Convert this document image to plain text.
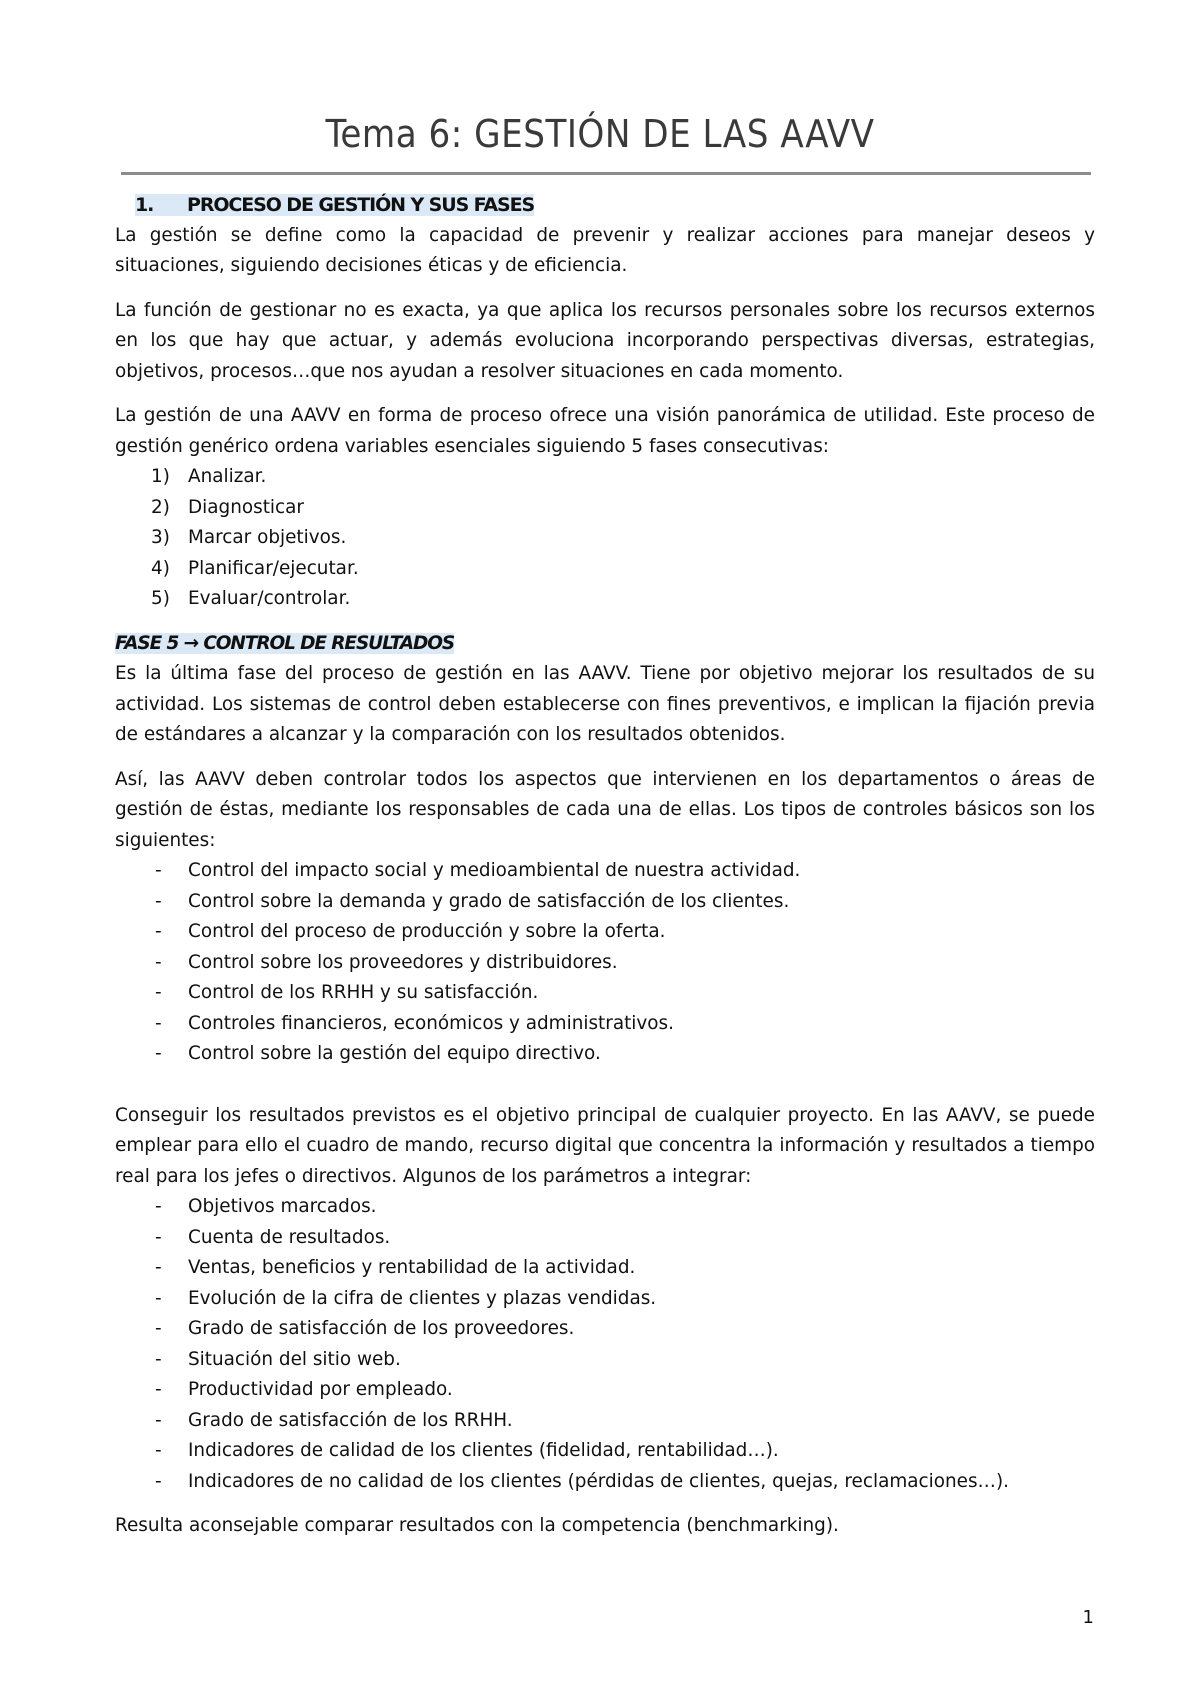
Tema 6: GESTIÓN DE LAS AAVV

1. PROCESO DE GESTIÓN Y SUS FASES

La gestión se define como la capacidad de prevenir y realizar acciones para manejar deseos y situaciones, siguiendo decisiones éticas y de eficiencia.

La función de gestionar no es exacta, ya que aplica los recursos personales sobre los recursos externos en los que hay que actuar, y además evoluciona incorporando perspectivas diversas, estrategias, objetivos, procesos…que nos ayudan a resolver situaciones en cada momento.

La gestión de una AAVV en forma de proceso ofrece una visión panorámica de utilidad. Este proceso de gestión genérico ordena variables esenciales siguiendo 5 fases consecutivas:

1) Analizar.
2) Diagnosticar
3) Marcar objetivos.
4) Planificar/ejecutar.
5) Evaluar/controlar.

FASE 5 → CONTROL DE RESULTADOS

Es la última fase del proceso de gestión en las AAVV. Tiene por objetivo mejorar los resultados de su actividad. Los sistemas de control deben establecerse con fines preventivos, e implican la fijación previa de estándares a alcanzar y la comparación con los resultados obtenidos.

Así, las AAVV deben controlar todos los aspectos que intervienen en los departamentos o áreas de gestión de éstas, mediante los responsables de cada una de ellas. Los tipos de controles básicos son los siguientes:

- Control del impacto social y medioambiental de nuestra actividad.
- Control sobre la demanda y grado de satisfacción de los clientes.
- Control del proceso de producción y sobre la oferta.
- Control sobre los proveedores y distribuidores.
- Control de los RRHH y su satisfacción.
- Controles financieros, económicos y administrativos.
- Control sobre la gestión del equipo directivo.

Conseguir los resultados previstos es el objetivo principal de cualquier proyecto. En las AAVV, se puede emplear para ello el cuadro de mando, recurso digital que concentra la información y resultados a tiempo real para los jefes o directivos. Algunos de los parámetros a integrar:

- Objetivos marcados.
- Cuenta de resultados.
- Ventas, beneficios y rentabilidad de la actividad.
- Evolución de la cifra de clientes y plazas vendidas.
- Grado de satisfacción de los proveedores.
- Situación del sitio web.
- Productividad por empleado.
- Grado de satisfacción de los RRHH.
- Indicadores de calidad de los clientes (fidelidad, rentabilidad…).
- Indicadores de no calidad de los clientes (pérdidas de clientes, quejas, reclamaciones…).

Resulta aconsejable comparar resultados con la competencia (benchmarking).

1
